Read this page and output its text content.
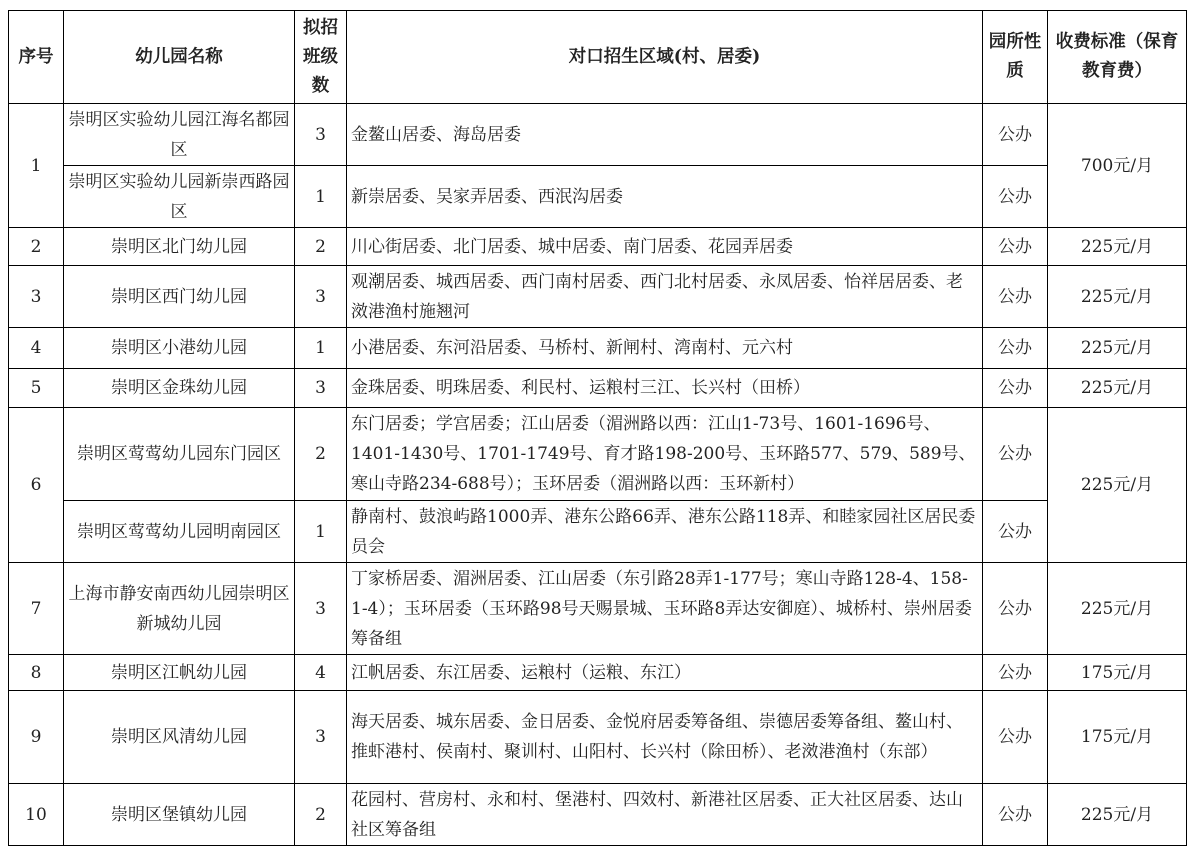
序号	幼儿园名称	拟招班级数	对口招生区域(村、居委)	园所性质	收费标准（保育教育费）
1	崇明区实验幼儿园江海名都园区	3	金鳌山居委、海岛居委	公办	700元/月
	崇明区实验幼儿园新崇西路园区	1	新崇居委、吴家弄居委、西泯沟居委	公办	
2	崇明区北门幼儿园	2	川心街居委、北门居委、城中居委、南门居委、花园弄居委	公办	225元/月
3	崇明区西门幼儿园	3	观潮居委、城西居委、西门南村居委、西门北村居委、永凤居委、怡祥居居委、老滧港渔村施翘河	公办	225元/月
4	崇明区小港幼儿园	1	小港居委、东河沿居委、马桥村、新闸村、湾南村、元六村	公办	225元/月
5	崇明区金珠幼儿园	3	金珠居委、明珠居委、利民村、运粮村三江、长兴村（田桥）	公办	225元/月
6	崇明区莺莺幼儿园东门园区	2	东门居委；学宫居委；江山居委（湄洲路以西：江山1-73号、1601-1696号、1401-1430号、1701-1749号、育才路198-200号、玉环路577、579、589号、寒山寺路234-688号）；玉环居委（湄洲路以西：玉环新村）	公办	225元/月
	崇明区莺莺幼儿园明南园区	1	静南村、鼓浪屿路1000弄、港东公路66弄、港东公路118弄、和睦家园社区居民委员会	公办	
7	上海市静安南西幼儿园崇明区新城幼儿园	3	丁家桥居委、湄洲居委、江山居委（东引路28弄1-177号；寒山寺路128-4、158-1-4）；玉环居委（玉环路98号天赐景城、玉环路8弄达安御庭）、城桥村、崇州居委筹备组	公办	225元/月
8	崇明区江帆幼儿园	4	江帆居委、东江居委、运粮村（运粮、东江）	公办	175元/月
9	崇明区风清幼儿园	3	海天居委、城东居委、金日居委、金悦府居委筹备组、崇德居委筹备组、鳌山村、推虾港村、侯南村、聚训村、山阳村、长兴村（除田桥）、老滧港渔村（东部）	公办	175元/月
10	崇明区堡镇幼儿园	2	花园村、营房村、永和村、堡港村、四效村、新港社区居委、正大社区居委、达山社区筹备组	公办	225元/月
